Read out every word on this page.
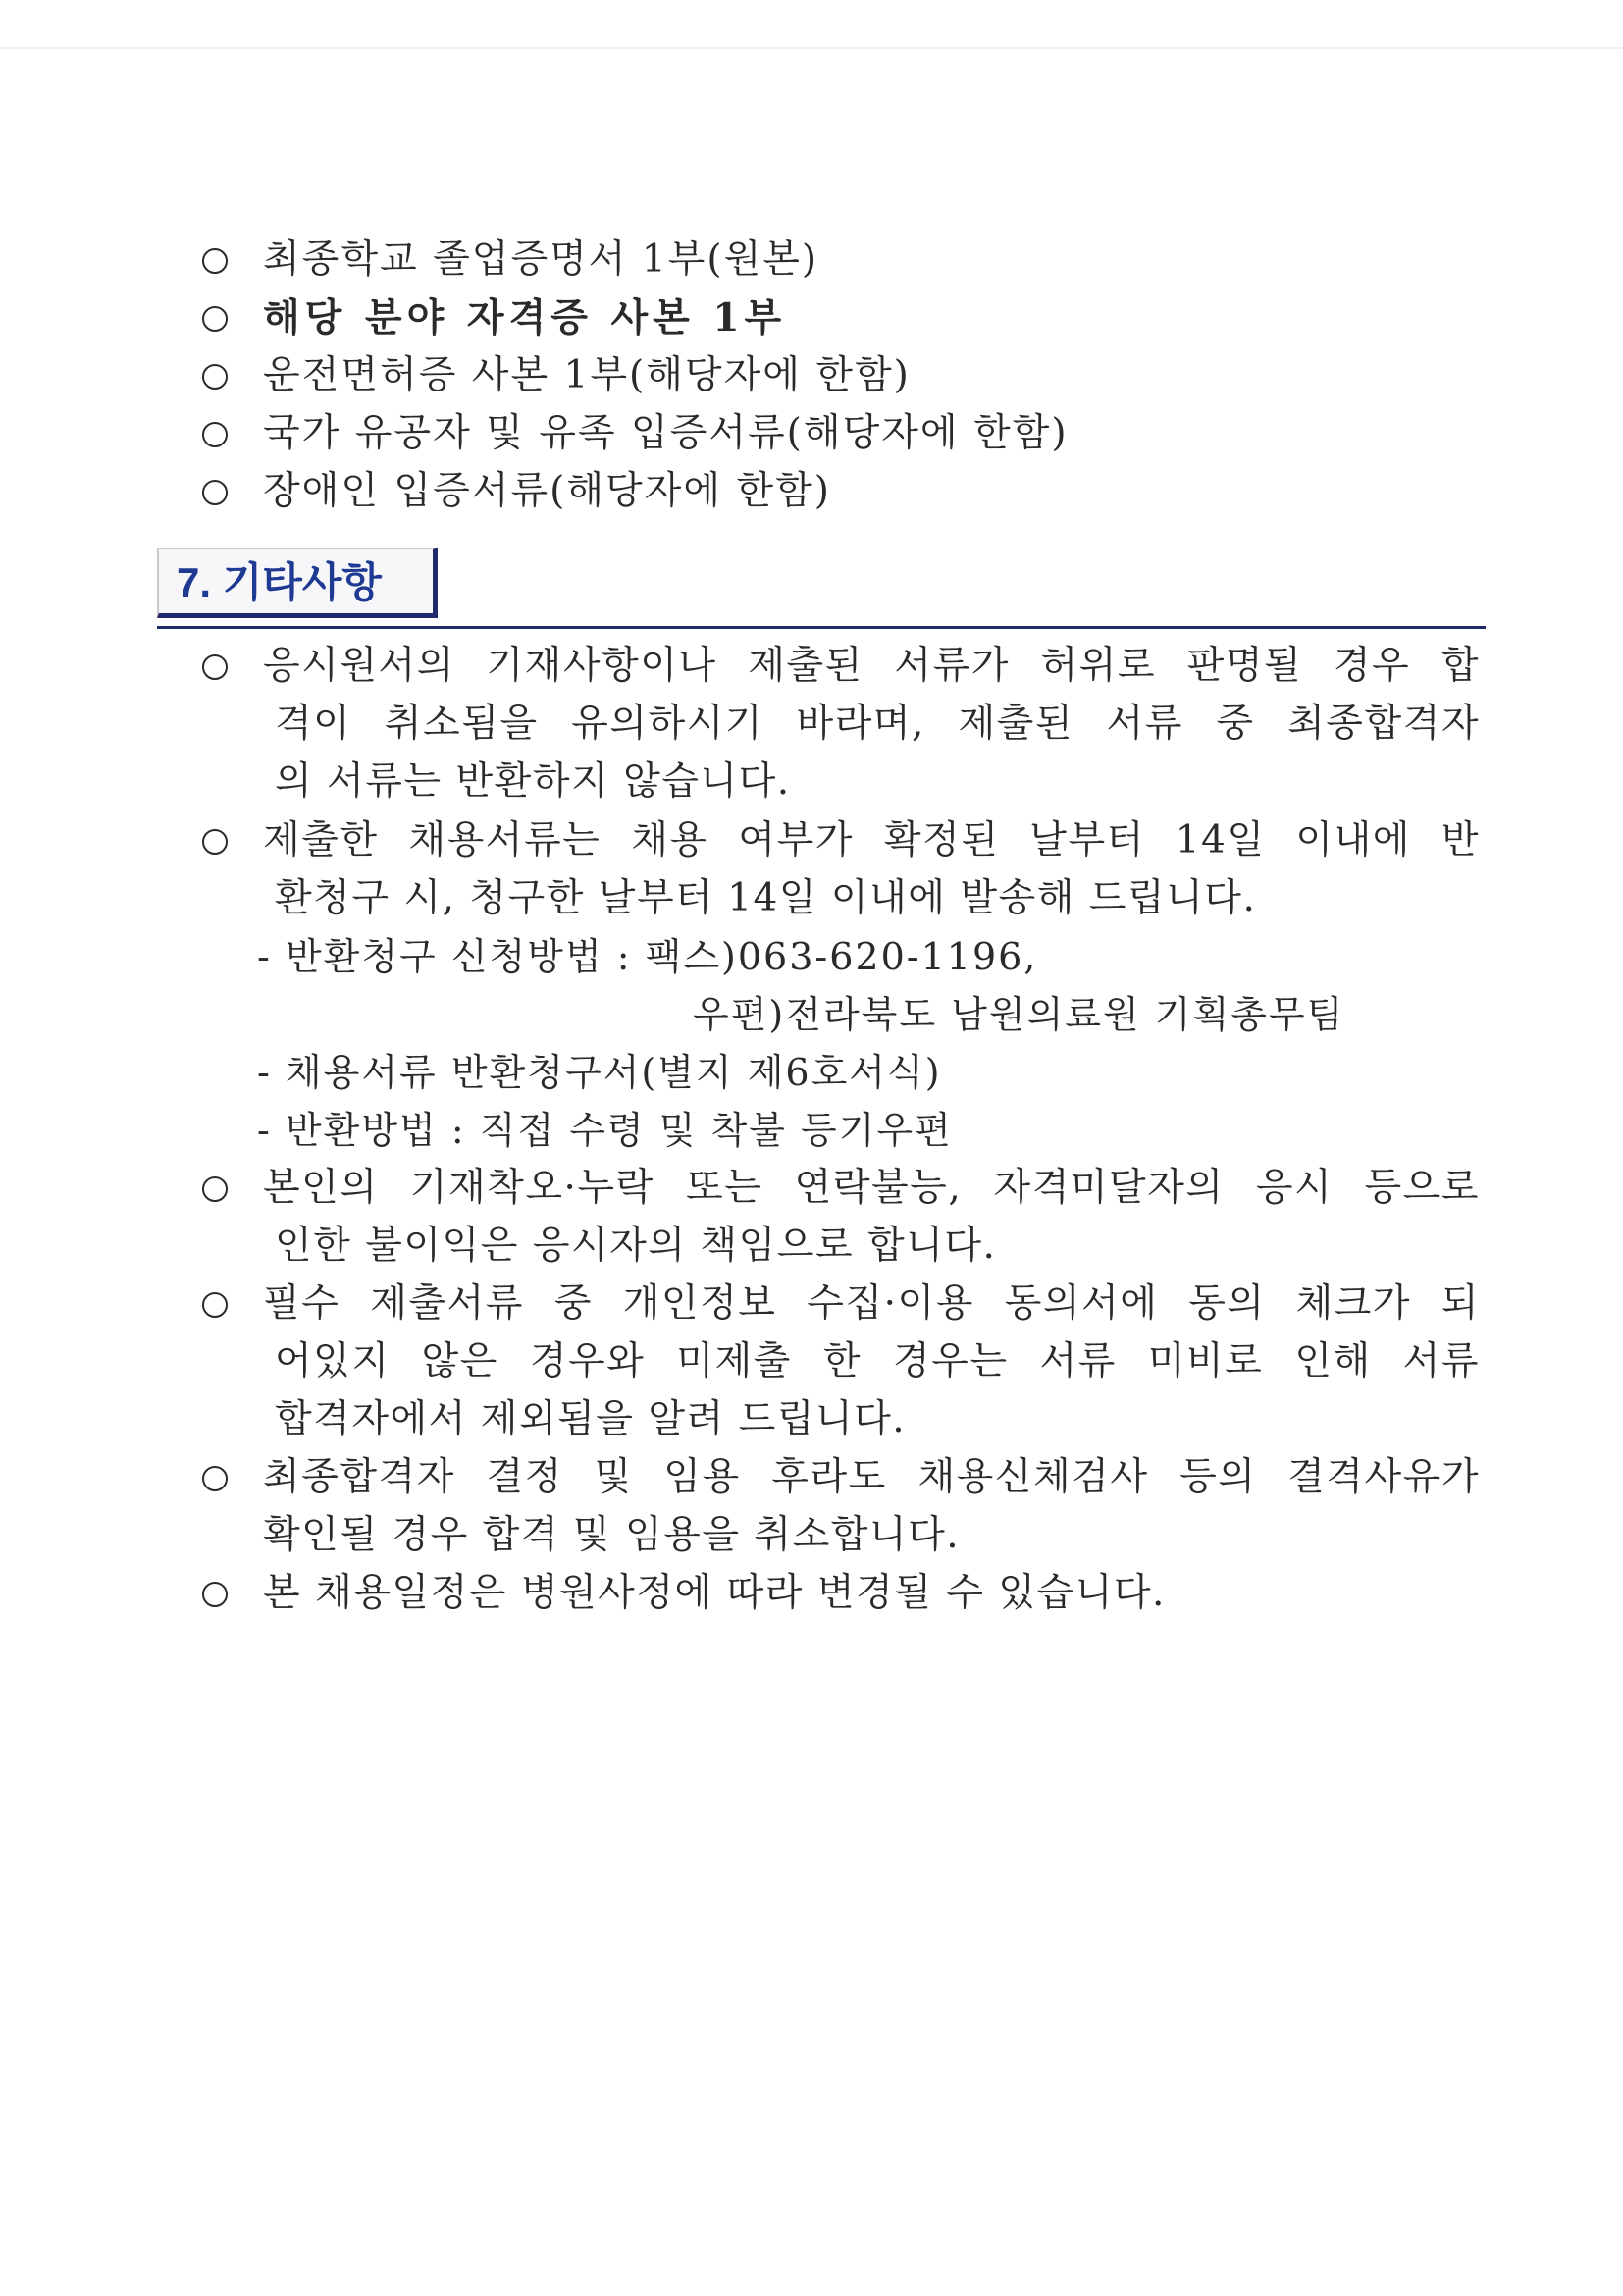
최종학교 졸업증명서 1부(원본)
해당 분야 자격증 사본 1부
운전면허증 사본 1부(해당자에 한함)
국가 유공자 및 유족 입증서류(해당자에 한함)
장애인 입증서류(해당자에 한함)
7. 기타사항
응시원서의 기재사항이나 제출된 서류가 허위로 판명될 경우 합
격이 취소됨을 유의하시기 바라며, 제출된 서류 중 최종합격자
의 서류는 반환하지 않습니다.
제출한 채용서류는 채용 여부가 확정된 날부터 14일 이내에 반
환청구 시, 청구한 날부터 14일 이내에 발송해 드립니다.
- 반환청구 신청방법 : 팩스)063-620-1196,
우편)전라북도 남원의료원 기획총무팀
- 채용서류 반환청구서(별지 제6호서식)
- 반환방법 : 직접 수령 및 착불 등기우편
본인의 기재착오·누락 또는 연락불능, 자격미달자의 응시 등으로
인한 불이익은 응시자의 책임으로 합니다.
필수 제출서류 중 개인정보 수집·이용 동의서에 동의 체크가 되
어있지 않은 경우와 미제출 한 경우는 서류 미비로 인해 서류
합격자에서 제외됨을 알려 드립니다.
최종합격자 결정 및 임용 후라도 채용신체검사 등의 결격사유가
확인될 경우 합격 및 임용을 취소합니다.
본 채용일정은 병원사정에 따라 변경될 수 있습니다.
